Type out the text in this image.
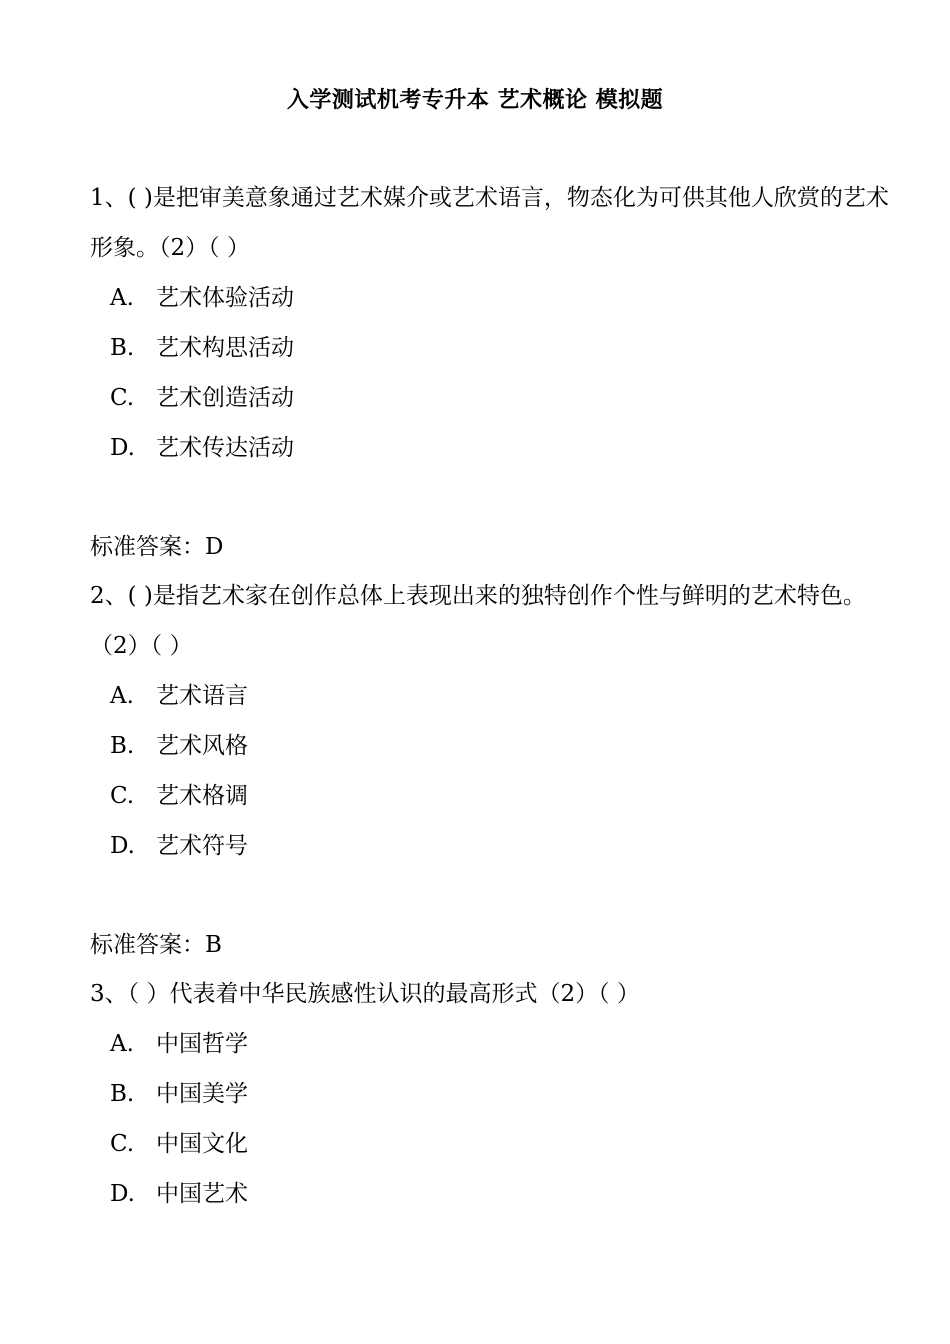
入学测试机考专升本 艺术概论 模拟题

1、( )是把审美意象通过艺术媒介或艺术语言，物态化为可供其他人欣赏的艺术形象。（2）（ ）

A. 艺术体验活动
B. 艺术构思活动
C. 艺术创造活动
D. 艺术传达活动
标准答案：D

2、( )是指艺术家在创作总体上表现出来的独特创作个性与鲜明的艺术特色。（2）（ ）

A. 艺术语言
B. 艺术风格
C. 艺术格调
D. 艺术符号
标准答案：B

3、（ ）代表着中华民族感性认识的最高形式（2）（ ）

A. 中国哲学
B. 中国美学
C. 中国文化
D. 中国艺术
